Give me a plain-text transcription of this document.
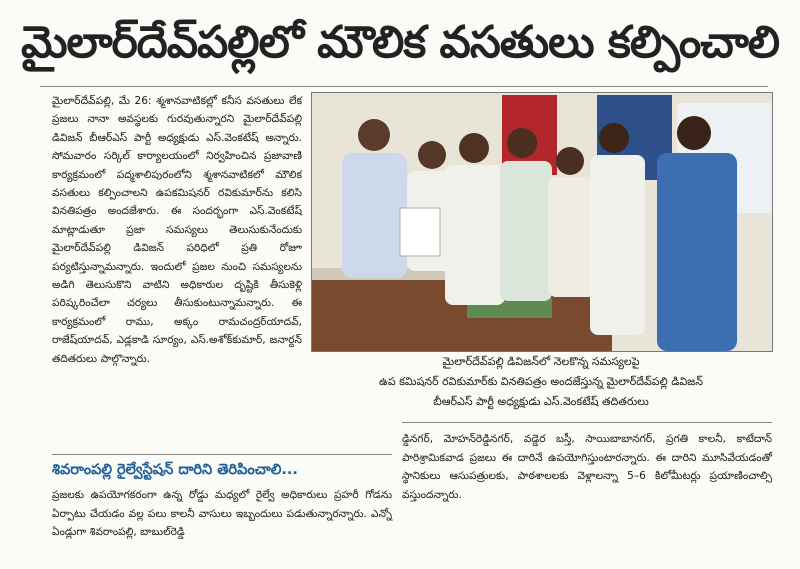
మైలార్‌దేవ్‌పల్లిలో మౌలిక వసతులు కల్పించాలి

మైలార్‌దేవ్‌పల్లి, మే 26: శ్మశానవాటికల్లో కనీస వసతులు లేక ప్రజలు నానా అవస్థలకు గురవుతున్నారని మైలార్‌దేవ్‌పల్లి డివిజన్ బీఆర్‌ఎస్ పార్టీ అధ్యక్షుడు ఎస్.వెంకటేష్ అన్నారు. సోమవారం సర్కిల్ కార్యాలయంలో నిర్వహించిన ప్రజావాణి కార్యక్రమంలో పద్మశాలిపురంలోని శ్మశానవాటికలో మౌలిక వసతులు కల్పించాలని ఉపకమిషనర్ రవికుమార్‌ను కలిసి వినతిపత్రం అందజేశారు. ఈ సందర్భంగా ఎస్.వెంకటేష్ మాట్లాడుతూ ప్రజా సమస్యలు తెలుసుకునేందుకు మైలార్‌దేవ్‌పల్లి డివిజన్ పరిధిలో ప్రతి రోజూ పర్యటిస్తున్నామన్నారు. ఇందులో ప్రజల నుంచి సమస్యలను అడిగి తెలుసుకొని వాటిని అధికారుల దృష్టికి తీసుకెళ్లి పరిష్కరించేలా చర్యలు తీసుకుంటున్నామన్నారు. ఈ కార్యక్రమంలో రాము, అక్కం రామచంద్రర్‌యాదవ్, రాజేష్‌యాదవ్, ఎడ్లకాడి సూర్యం, ఎస్.అశోక్‌కుమార్, జనార్దన్ తదితరులు పాల్గొన్నారు.	మైలార్‌దేవ్‌పల్లి డివిజన్‌లో నెలకొన్న సమస్యలపై
ఉప కమిషనర్ రవికుమార్‌కు వినతిపత్రం అందజేస్తున్న మైలార్‌దేవ్‌పల్లి డివిజన్
బీఆర్‌ఎస్ పార్టీ అధ్యక్షుడు ఎస్.వెంకటేష్ తదితరులు
శివరాంపల్లి రైల్వేస్టేషన్ దారిని తెరిపించాలి...

ప్రజలకు ఉపయోగకరంగా ఉన్న రోడ్డు మధ్యలో రైల్వే అధికారులు ప్రహరీ గోడను ఏర్పాటు చేయడం వల్ల పలు కాలనీ వాసులు ఇబ్బందులు పడుతున్నారన్నారు. ఎన్నో ఏండ్లుగా శివరాంపల్లి, బాబుల్‌రెడ్డి

డ్డినగర్, మోహన్‌రెడ్డినగర్, వడ్డెర బస్తీ, సాయిబాబానగర్, ప్రగతి కాలనీ, కాటేదాన్ పారిశ్రామికవాడ ప్రజలు ఈ దారినే ఉపయోగిస్తుంటారన్నారు. ఈ దారిని మూసివేయడంతో స్థానికులు ఆసుపత్రులకు, పాఠశాలలకు వెళ్లాలన్నా 5–6 కిలోమీటర్లు ప్రయాణించాల్సి వస్తుందన్నారు.
